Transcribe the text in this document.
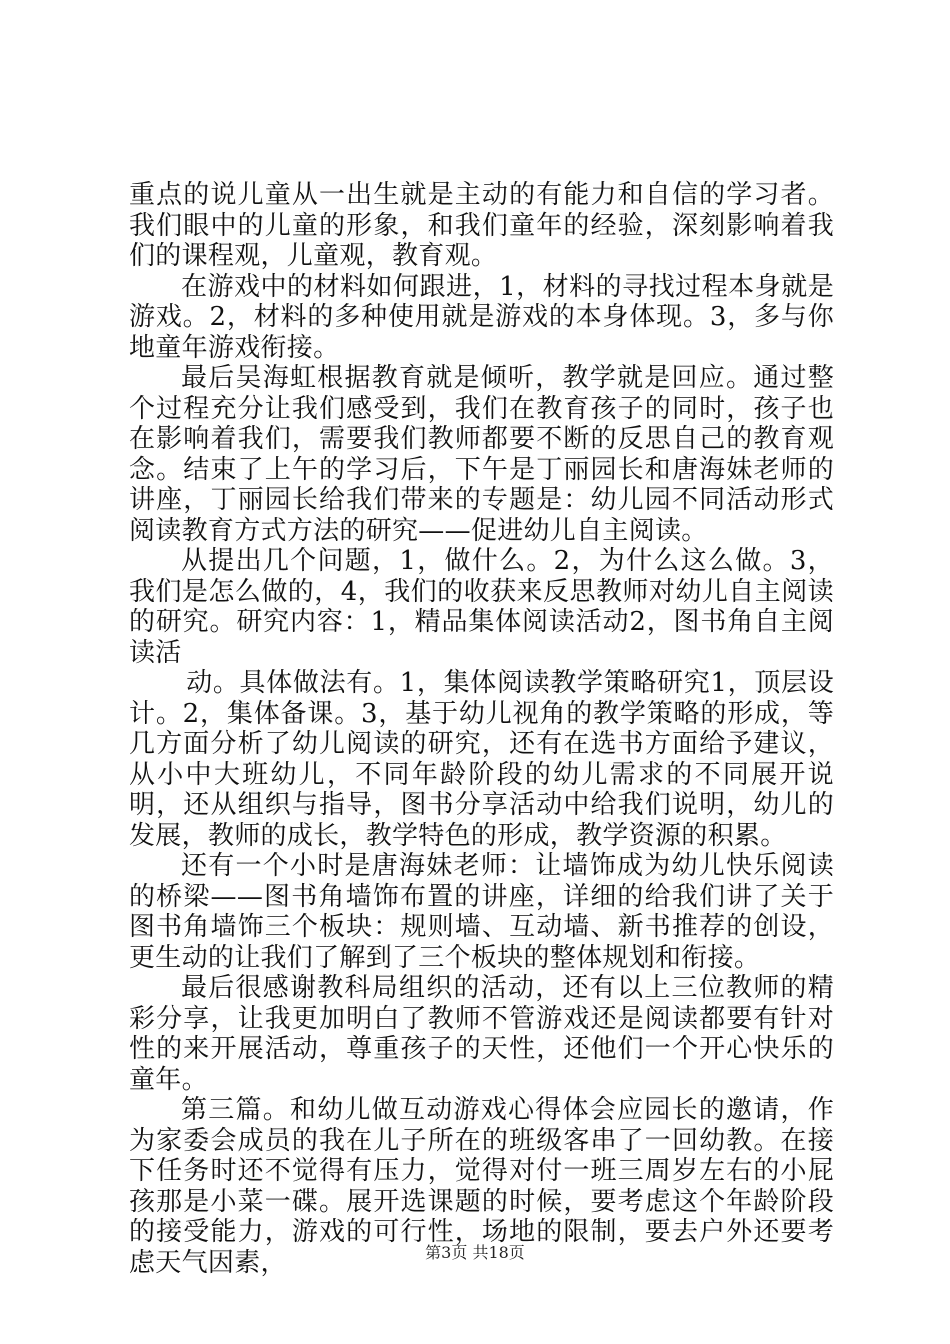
重点的说儿童从一出生就是主动的有能力和自信的学习者。我们眼中的儿童的形象，和我们童年的经验，深刻影响着我们的课程观，儿童观，教育观。

在游戏中的材料如何跟进，1，材料的寻找过程本身就是游戏。2，材料的多种使用就是游戏的本身体现。3，多与你地童年游戏衔接。

最后吴海虹根据教育就是倾听，教学就是回应。通过整个过程充分让我们感受到，我们在教育孩子的同时，孩子也在影响着我们，需要我们教师都要不断的反思自己的教育观念。结束了上午的学习后，下午是丁丽园长和唐海妹老师的讲座，丁丽园长给我们带来的专题是：幼儿园不同活动形式阅读教育方式方法的研究——促进幼儿自主阅读。

从提出几个问题，1，做什么。2，为什么这么做。3，我们是怎么做的，4，我们的收获来反思教师对幼儿自主阅读的研究。研究内容：1，精品集体阅读活动2，图书角自主阅读活

动。具体做法有。1，集体阅读教学策略研究1，顶层设计。2，集体备课。3，基于幼儿视角的教学策略的形成，等几方面分析了幼儿阅读的研究，还有在选书方面给予建议，从小中大班幼儿，不同年龄阶段的幼儿需求的不同展开说明，还从组织与指导，图书分享活动中给我们说明，幼儿的发展，教师的成长，教学特色的形成，教学资源的积累。

还有一个小时是唐海妹老师：让墙饰成为幼儿快乐阅读的桥梁——图书角墙饰布置的讲座，详细的给我们讲了关于图书角墙饰三个板块：规则墙、互动墙、新书推荐的创设，更生动的让我们了解到了三个板块的整体规划和衔接。

最后很感谢教科局组织的活动，还有以上三位教师的精彩分享，让我更加明白了教师不管游戏还是阅读都要有针对性的来开展活动，尊重孩子的天性，还他们一个开心快乐的童年。

第三篇。和幼儿做互动游戏心得体会应园长的邀请，作为家委会成员的我在儿子所在的班级客串了一回幼教。在接下任务时还不觉得有压力，觉得对付一班三周岁左右的小屁孩那是小菜一碟。展开选课题的时候，要考虑这个年龄阶段的接受能力，游戏的可行性，场地的限制，要去户外还要考虑天气因素，	第3页 共18页
